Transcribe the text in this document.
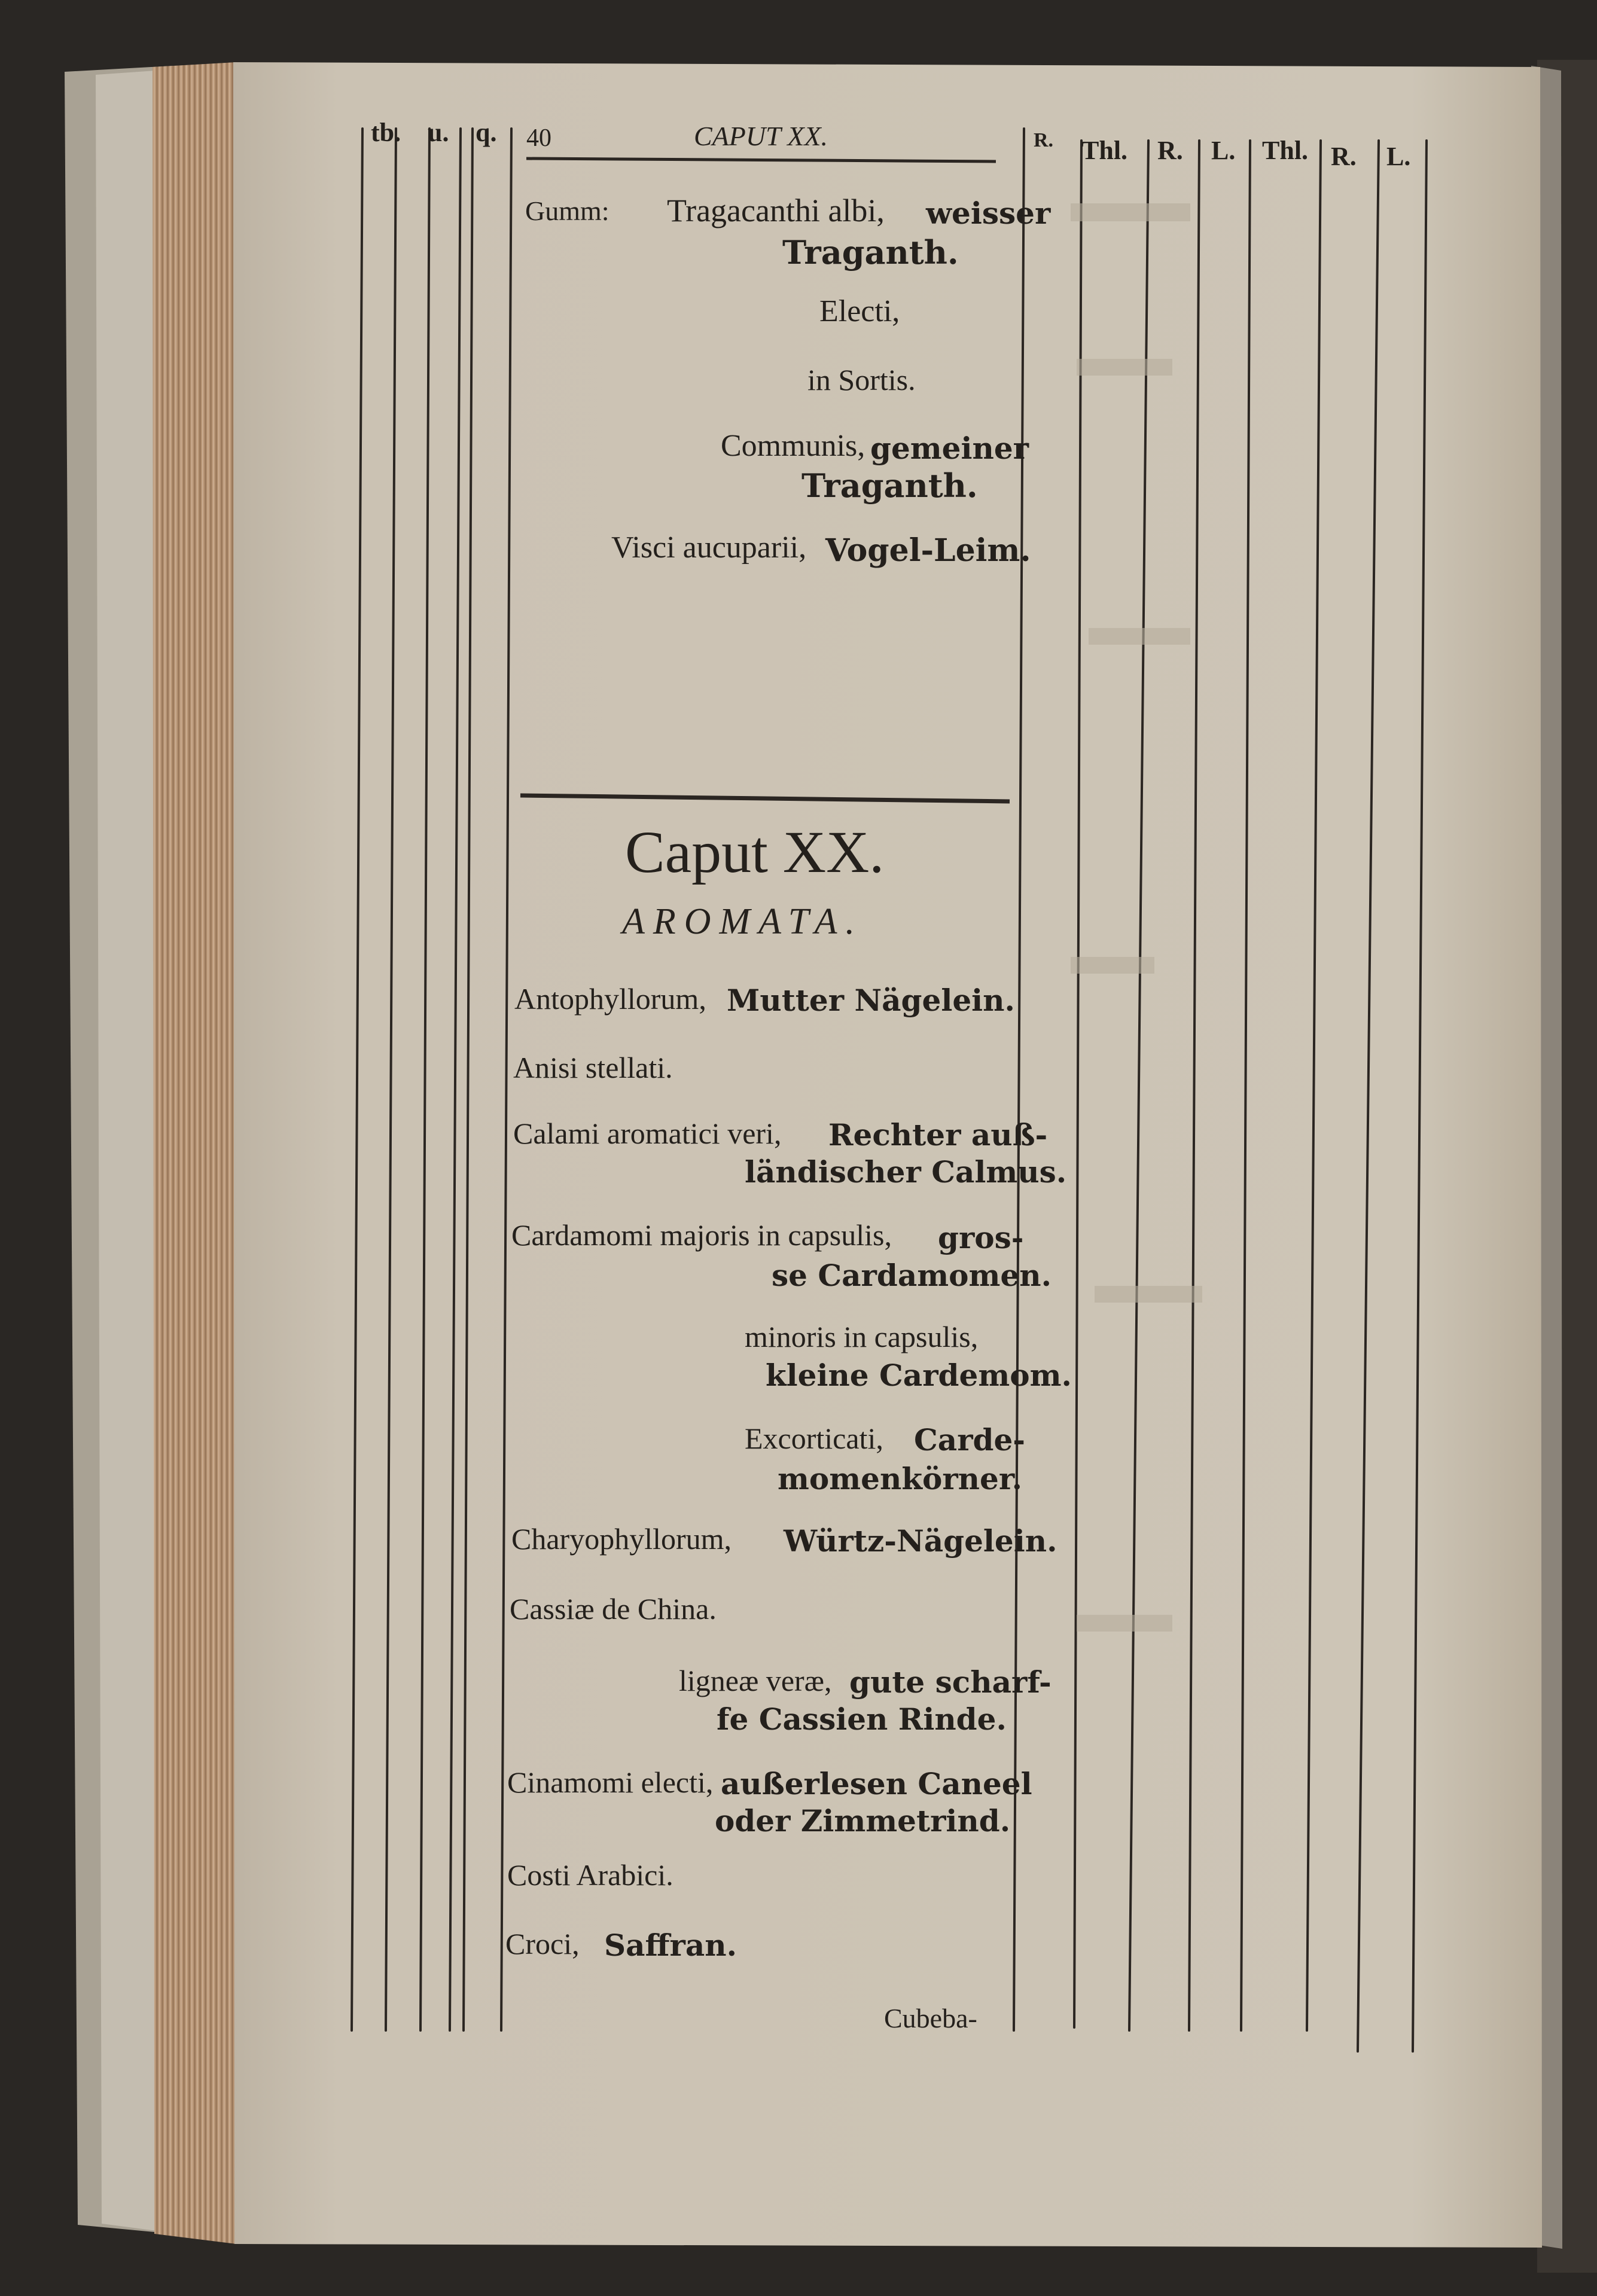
tb. u. q. 40	CAPUT XX.	R. Thl. R. L. Thl. R. L.
Gumm: Tragacanthi albi, weisser
Traganth.
Electi,
in Sortis.
Communis, gemeiner
Traganth.
Visci aucuparii, Vogel-Leim.
Caput XX.
AROMATA.
Antophyllorum, Mutter Nägelein.
Anisi stellati.
Calami aromatici veri, Rechter auß-
ländischer Calmus.
Cardamomi majoris in capsulis, gros-
se Cardamomen.
minoris in capsulis,
kleine Cardemom.
Excorticati, Carde-
momenkörner.
Charyophyllorum, Würtz-Nägelein.
Cassiæ de China.
ligneæ veræ, gute scharf-
fe Cassien Rinde.
Cinamomi electi, außerlesen Caneel
oder Zimmetrind.
Costi Arabici.
Croci, Saffran.
Cubeba-
